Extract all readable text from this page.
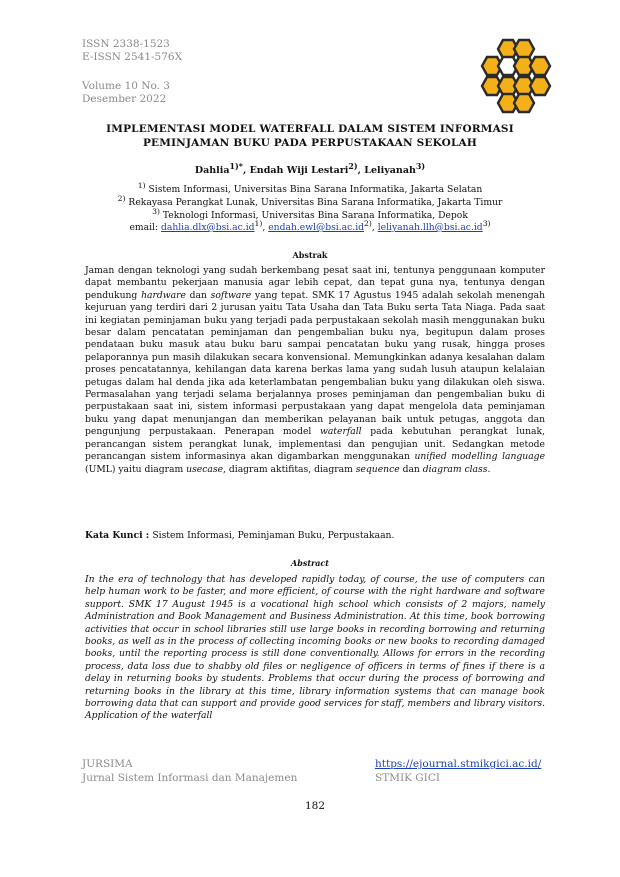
ISSN 2338-1523
E-ISSN 2541-576X
Volume 10 No. 3
Desember 2022
IMPLEMENTASI MODEL WATERFALL DALAM SISTEM INFORMASI
PEMINJAMAN BUKU PADA PERPUSTAKAAN SEKOLAH
Dahlia$^{1)*}$, Endah Wiji Lestari$^{2)}$, Leliyanah$^{3)}$
$^{1)}$ Sistem Informasi, Universitas Bina Sarana Informatika, Jakarta Selatan
$^{2)}$ Rekayasa Perangkat Lunak, Universitas Bina Sarana Informatika, Jakarta Timur
$^{3)}$ Teknologi Informasi, Universitas Bina Sarana Informatika, Depok
email: $dahlia.dlx@bsi.ac.id^{1)}$, $endah.ewl@bsi.ac.id^{2)}$, $leliyanah.llh@bsi.ac.id^{3)}$
Abstrak
Jaman dengan teknologi yang sudah berkembang pesat saat ini, tentunya penggunaan komputer dapat membantu pekerjaan manusia agar lebih cepat, dan tepat guna nya, tentunya dengan pendukung hardware dan software yang tepat. SMK 17 Agustus 1945 adalah sekolah menengah kejuruan yang terdiri dari 2 jurusan yaitu Tata Usaha dan Tata Buku serta Tata Niaga. Pada saat ini kegiatan peminjaman buku yang terjadi pada perpustakaan sekolah masih menggunakan buku besar dalam pencatatan peminjaman dan pengembalian buku nya, begitupun dalam proses pendataan buku masuk atau buku baru sampai pencatatan buku yang rusak, hingga proses pelaporannya pun masih dilakukan secara konvensional. Memungkinkan adanya kesalahan dalam proses pencatatannya, kehilangan data karena berkas lama yang sudah lusuh ataupun kelalaian petugas dalam hal denda jika ada keterlambatan pengembalian buku yang dilakukan oleh siswa. Permasalahan yang terjadi selama berjalannya proses peminjaman dan pengembalian buku di perpustakaan saat ini, sistem informasi perpustakaan yang dapat mengelola data peminjaman buku yang dapat menunjangan dan memberikan pelayanan baik untuk petugas, anggota dan pengunjung perpustakaan. Penerapan model waterfall pada kebutuhan perangkat lunak, perancangan sistem perangkat lunak, implementasi dan pengujian unit. Sedangkan metode perancangan sistem informasinya akan digambarkan menggunakan unified modelling language (UML) yaitu diagram usecase, diagram aktifitas, diagram sequence dan diagram class.
Kata Kunci : Sistem Informasi, Peminjaman Buku, Perpustakaan.
Abstract
In the era of technology that has developed rapidly today, of course, the use of computers can help human work to be faster, and more efficient, of course with the right hardware and software support. SMK 17 August 1945 is a vocational high school which consists of 2 majors, namely Administration and Book Management and Business Administration. At this time, book borrowing activities that occur in school libraries still use large books in recording borrowing and returning books, as well as in the process of collecting incoming books or new books to recording damaged books, until the reporting process is still done conventionally. Allows for errors in the recording process, data loss due to shabby old files or negligence of officers in terms of fines if there is a delay in returning books by students. Problems that occur during the process of borrowing and returning books in the library at this time, library information systems that can manage book borrowing data that can support and provide good services for staff, members and library visitors. Application of the waterfall
JURSIMA
Jurnal Sistem Informasi dan Manajemen
https://ejournal.stmikgici.ac.id/
STMIK GICI
182
